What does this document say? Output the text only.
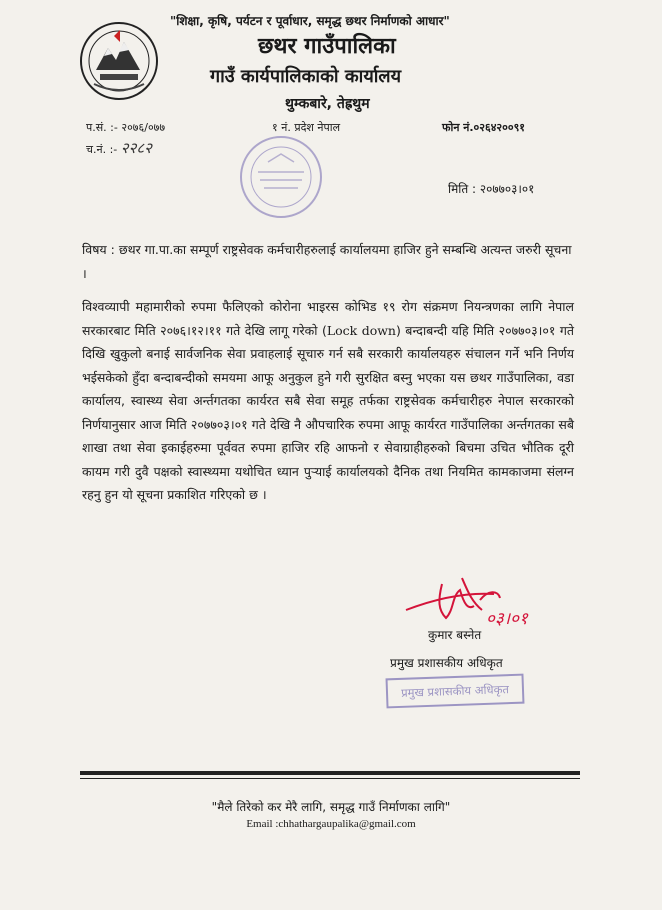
"शिक्षा, कृषि, पर्यटन र पूर्वाधार, समृद्ध छथर निर्माणको आधार"
छथर गाउँपालिका
गाउँ कार्यपालिकाको कार्यालय
थुम्कबारे, तेह्रथुम
प.सं. :- २०७६/०७७
च.नं. :- २२८२
१ नं. प्रदेश नेपाल	फोन नं.०२६४२००९१
मिति : २०७७०३।०१
विषय : छथर गा.पा.का सम्पूर्ण राष्ट्रसेवक कर्मचारीहरुलाई कार्यालयमा हाजिर हुने सम्बन्धि अत्यन्त जरुरी सूचना ।
विश्वव्यापी महामारीको रुपमा फैलिएको कोरोना भाइरस कोभिड १९ रोग संक्रमण नियन्त्रणका लागि नेपाल सरकारबाट मिति २०७६।१२।११ गते देखि लागू गरेको (Lock down) बन्दाबन्दी यहि मिति २०७७०३।०१ गते दिखि खुकुलो बनाई सार्वजनिक सेवा प्रवाहलाई सूचारु गर्न सबै सरकारी कार्यालयहरु संचालन गर्ने भनि निर्णय भईसकेको हुँदा बन्दाबन्दीको समयमा आफू अनुकुल हुने गरी सुरक्षित बस्नु भएका यस छथर गाउँपालिका, वडा कार्यालय, स्वास्थ्य सेवा अर्न्तगतका कार्यरत सबै सेवा समूह तर्फका राष्ट्रसेवक कर्मचारीहरु नेपाल सरकारको निर्णयानुसार आज मिति २०७७०३।०१ गते देखि नै औपचारिक रुपमा आफू कार्यरत गाउँपालिका अर्न्तगतका सबै शाखा तथा सेवा इकाईहरुमा पूर्ववत रुपमा हाजिर रहि आफनो र सेवाग्राहीहरुको बिचमा उचित भौतिक दूरी कायम गरी दुवै पक्षको स्वास्थ्यमा यथोचित ध्यान पुऱ्याई कार्यालयको दैनिक तथा नियमित कामकाजमा संलग्न रहनु हुन यो सूचना प्रकाशित गरिएको छ ।
०३।०१
कुमार बस्नेत
प्रमुख प्रशासकीय अधिकृत
प्रमुख प्रशासकीय अधिकृत
"मैले तिरेको कर मेरै लागि, समृद्ध गाउँ निर्माणका लागि"
Email :chhathargaupalika@gmail.com
